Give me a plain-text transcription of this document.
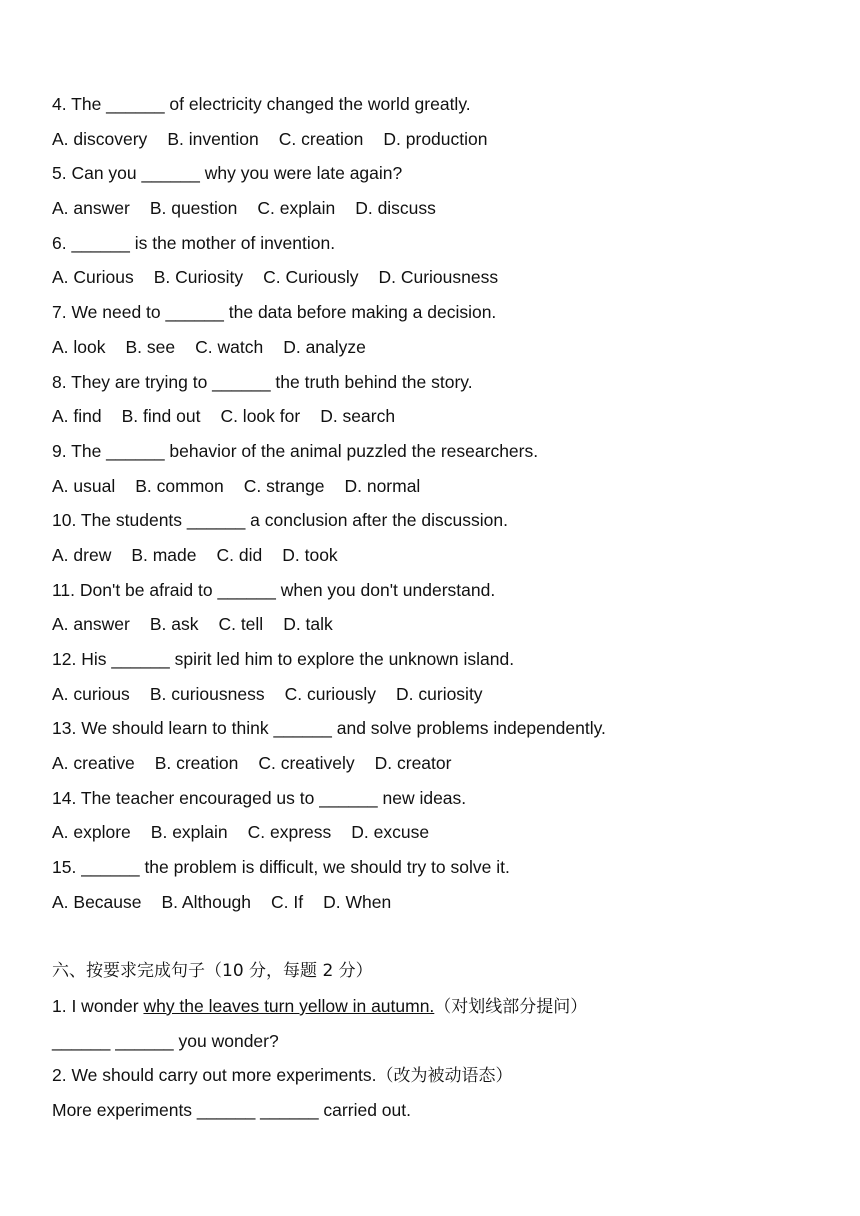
4. The ______ of electricity changed the world greatly.
A. discovery B. invention C. creation D. production
5. Can you ______ why you were late again?
A. answer B. question C. explain D. discuss
6. ______ is the mother of invention.
A. Curious B. Curiosity C. Curiously D. Curiousness
7. We need to ______ the data before making a decision.
A. look B. see C. watch D. analyze
8. They are trying to ______ the truth behind the story.
A. find B. find out C. look for D. search
9. The ______ behavior of the animal puzzled the researchers.
A. usual B. common C. strange D. normal
10. The students ______ a conclusion after the discussion.
A. drew B. made C. did D. took
11. Don't be afraid to ______ when you don't understand.
A. answer B. ask C. tell D. talk
12. His ______ spirit led him to explore the unknown island.
A. curious B. curiousness C. curiously D. curiosity
13. We should learn to think ______ and solve problems independently.
A. creative B. creation C. creatively D. creator
14. The teacher encouraged us to ______ new ideas.
A. explore B. explain C. express D. excuse
15. ______ the problem is difficult, we should try to solve it.
A. Because B. Although C. If D. When
六、按要求完成句子（10 分，每题 2 分）
1. I wonder why the leaves turn yellow in autumn.（对划线部分提问）
______ ______ you wonder?
2. We should carry out more experiments.（改为被动语态）
More experiments ______ ______ carried out.
